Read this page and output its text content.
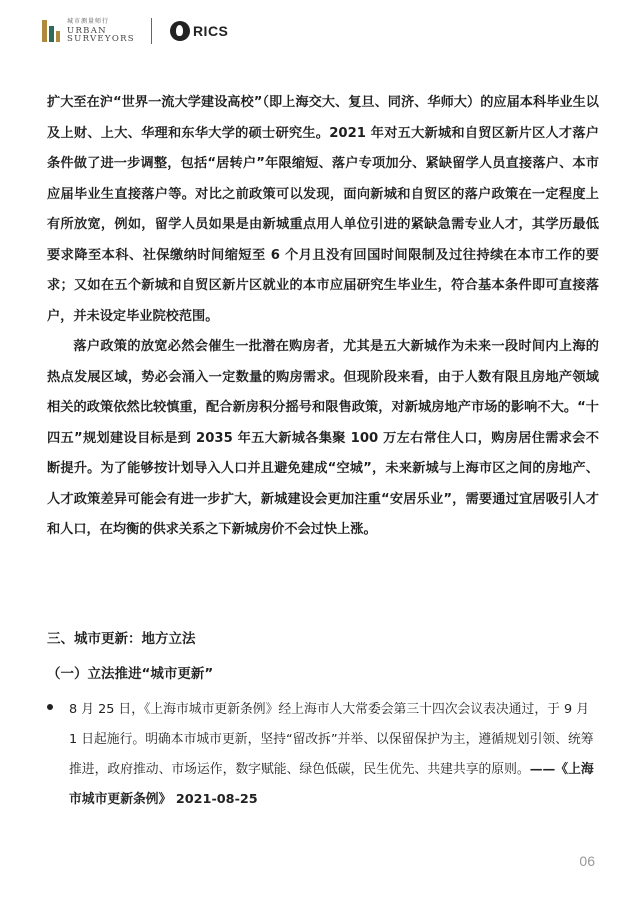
城市测量师行
URBAN
SURVEYORS	RICS

扩大至在沪“世界一流大学建设高校”（即上海交大、复旦、同济、华师大）的应届本科毕业生以及上财、上大、华理和东华大学的硕士研究生。2021 年对五大新城和自贸区新片区人才落户条件做了进一步调整，包括“居转户”年限缩短、落户专项加分、紧缺留学人员直接落户、本市应届毕业生直接落户等。对比之前政策可以发现，面向新城和自贸区的落户政策在一定程度上有所放宽，例如，留学人员如果是由新城重点用人单位引进的紧缺急需专业人才，其学历最低要求降至本科、社保缴纳时间缩短至 6 个月且没有回国时间限制及过往持续在本市工作的要求；又如在五个新城和自贸区新片区就业的本市应届研究生毕业生，符合基本条件即可直接落户，并未设定毕业院校范围。

落户政策的放宽必然会催生一批潜在购房者，尤其是五大新城作为未来一段时间内上海的热点发展区域，势必会涌入一定数量的购房需求。但现阶段来看，由于人数有限且房地产领域相关的政策依然比较慎重，配合新房积分摇号和限售政策，对新城房地产市场的影响不大。“十四五”规划建设目标是到 2035 年五大新城各集聚 100 万左右常住人口，购房居住需求会不断提升。为了能够按计划导入人口并且避免建成“空城”，未来新城与上海市区之间的房地产、人才政策差异可能会有进一步扩大，新城建设会更加注重“安居乐业”，需要通过宜居吸引人才和人口，在均衡的供求关系之下新城房价不会过快上涨。

三、城市更新：地方立法
（一）立法推进“城市更新”
8 月 25 日，《上海市城市更新条例》经上海市人大常委会第三十四次会议表决通过，于 9 月 1 日起施行。明确本市城市更新，坚持“留改拆”并举、以保留保护为主，遵循规划引领、统筹推进，政府推动、市场运作，数字赋能、绿色低碳，民生优先、共建共享的原则。——《上海市城市更新条例》 2021-08-25
06
